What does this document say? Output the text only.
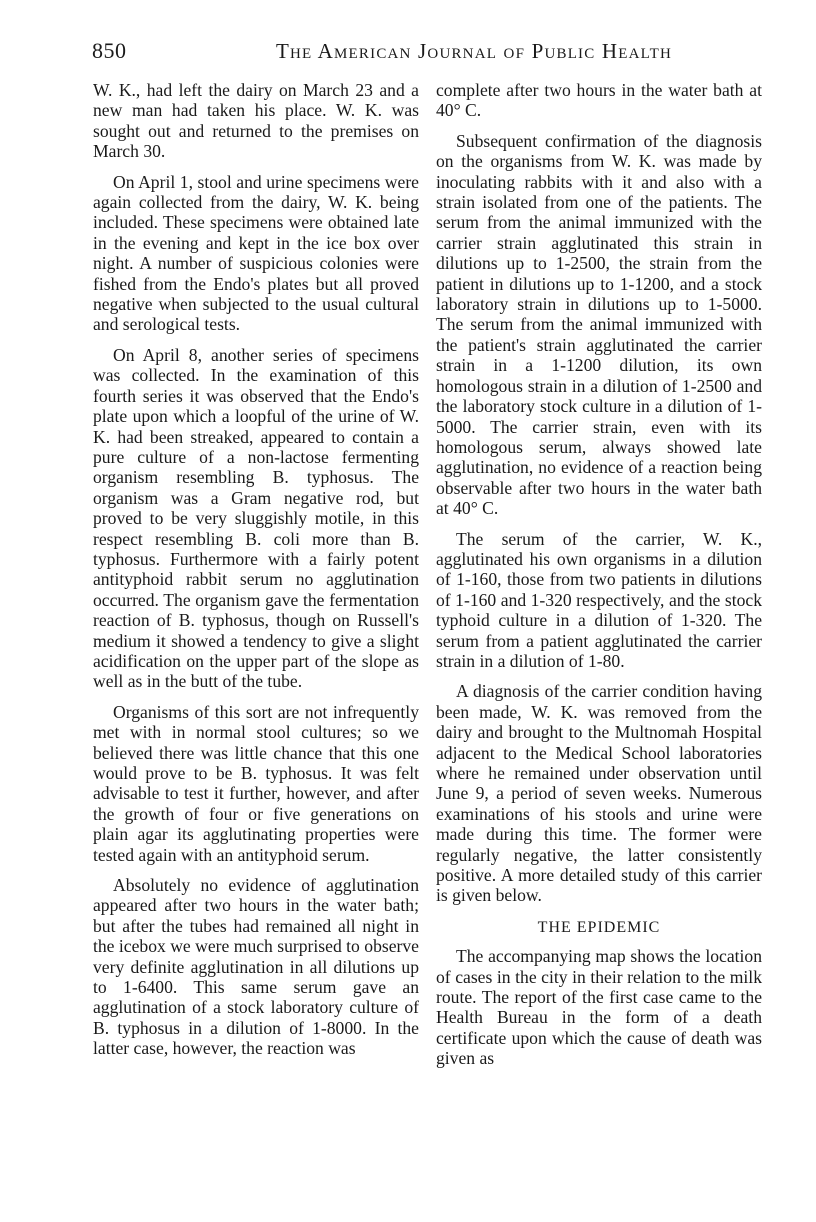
850	The American Journal of Public Health

W. K., had left the dairy on March 23 and a new man had taken his place. W. K. was sought out and returned to the premises on March 30.

On April 1, stool and urine specimens were again collected from the dairy, W. K. being included. These specimens were obtained late in the evening and kept in the ice box over night. A number of suspicious colonies were fished from the Endo's plates but all proved negative when subjected to the usual cultural and serological tests.

On April 8, another series of specimens was collected. In the examination of this fourth series it was observed that the Endo's plate upon which a loopful of the urine of W. K. had been streaked, appeared to contain a pure culture of a non-lactose fermenting organism resembling B. typhosus. The organism was a Gram negative rod, but proved to be very sluggishly motile, in this respect resembling B. coli more than B. typhosus. Furthermore with a fairly potent antityphoid rabbit serum no agglutination occurred. The organism gave the fermentation reaction of B. typhosus, though on Russell's medium it showed a tendency to give a slight acidification on the upper part of the slope as well as in the butt of the tube.

Organisms of this sort are not infrequently met with in normal stool cultures; so we believed there was little chance that this one would prove to be B. typhosus. It was felt advisable to test it further, however, and after the growth of four or five generations on plain agar its agglutinating properties were tested again with an antityphoid serum.

Absolutely no evidence of agglutination appeared after two hours in the water bath; but after the tubes had remained all night in the icebox we were much surprised to observe very definite agglutination in all dilutions up to 1-6400. This same serum gave an agglutination of a stock laboratory culture of B. typhosus in a dilution of 1-8000. In the latter case, however, the reaction was

complete after two hours in the water bath at 40° C.

Subsequent confirmation of the diagnosis on the organisms from W. K. was made by inoculating rabbits with it and also with a strain isolated from one of the patients. The serum from the animal immunized with the carrier strain agglutinated this strain in dilutions up to 1-2500, the strain from the patient in dilutions up to 1-1200, and a stock laboratory strain in dilutions up to 1-5000. The serum from the animal immunized with the patient's strain agglutinated the carrier strain in a 1-1200 dilution, its own homologous strain in a dilution of 1-2500 and the laboratory stock culture in a dilution of 1-5000. The carrier strain, even with its homologous serum, always showed late agglutination, no evidence of a reaction being observable after two hours in the water bath at 40° C.

The serum of the carrier, W. K., agglutinated his own organisms in a dilution of 1-160, those from two patients in dilutions of 1-160 and 1-320 respectively, and the stock typhoid culture in a dilution of 1-320. The serum from a patient agglutinated the carrier strain in a dilution of 1-80.

A diagnosis of the carrier condition having been made, W. K. was removed from the dairy and brought to the Multnomah Hospital adjacent to the Medical School laboratories where he remained under observation until June 9, a period of seven weeks. Numerous examinations of his stools and urine were made during this time. The former were regularly negative, the latter consistently positive. A more detailed study of this carrier is given below.

THE EPIDEMIC

The accompanying map shows the location of cases in the city in their relation to the milk route. The report of the first case came to the Health Bureau in the form of a death certificate upon which the cause of death was given as
